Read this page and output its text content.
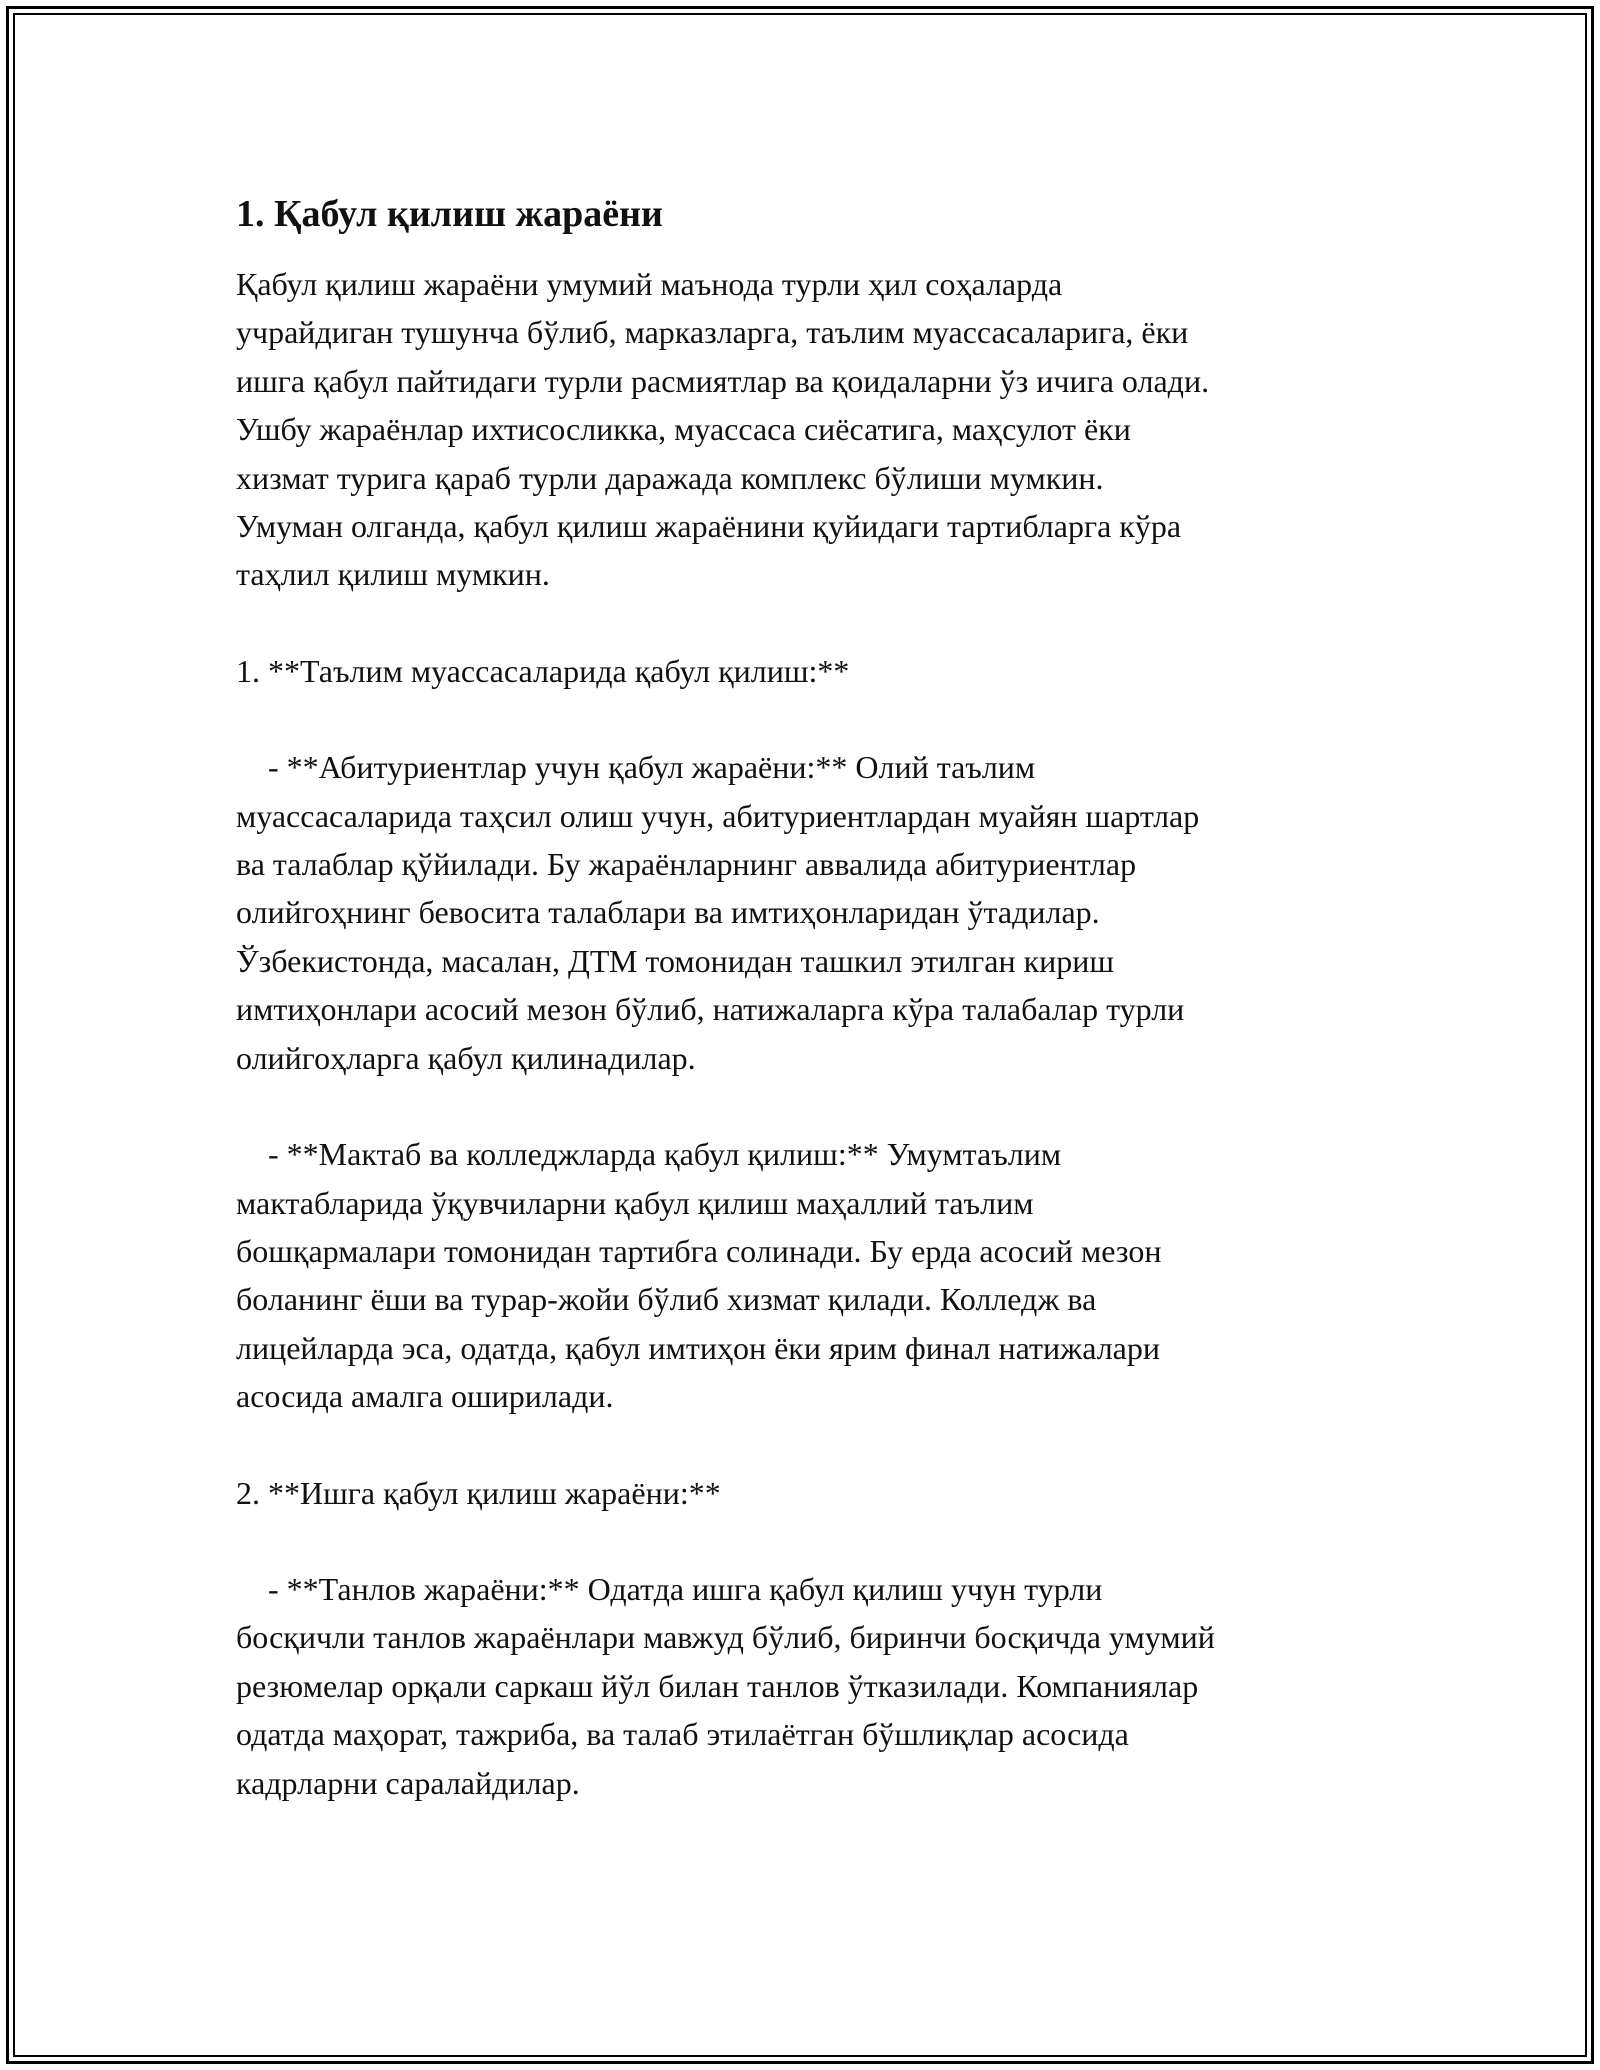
1. Қабул қилиш жараёни

Қабул қилиш жараёни умумий маънода турли ҳил соҳаларда
учрайдиган тушунча бўлиб, марказларга, таълим муассасаларига, ёки
ишга қабул пайтидаги турли расмиятлар ва қоидаларни ўз ичига олади.
Ушбу жараёнлар ихтисосликка, муассаса сиёсатига, маҳсулот ёки
хизмат турига қараб турли даражада комплекс бўлиши мумкин.
Умуман олганда, қабул қилиш жараёнини қуйидаги тартибларга кўра
таҳлил қилиш мумкин.

1. **Таълим муассасаларида қабул қилиш:**

- **Абитуриентлар учун қабул жараёни:** Олий таълим
муассасаларида таҳсил олиш учун, абитуриентлардан муайян шартлар
ва талаблар қўйилади. Бу жараёнларнинг аввалида абитуриентлар
олийгоҳнинг бевосита талаблари ва имтиҳонларидан ўтадилар.
Ўзбекистонда, масалан, ДТМ томонидан ташкил этилган кириш
имтиҳонлари асосий мезон бўлиб, натижаларга кўра талабалар турли
олийгоҳларга қабул қилинадилар.

- **Мактаб ва колледжларда қабул қилиш:** Умумтаълим
мактабларида ўқувчиларни қабул қилиш маҳаллий таълим
бошқармалари томонидан тартибга солинади. Бу ерда асосий мезон
боланинг ёши ва турар-жойи бўлиб хизмат қилади. Колледж ва
лицейларда эса, одатда, қабул имтиҳон ёки ярим финал натижалари
асосида амалга оширилади.

2. **Ишга қабул қилиш жараёни:**

- **Танлов жараёни:** Одатда ишга қабул қилиш учун турли
босқичли танлов жараёнлари мавжуд бўлиб, биринчи босқичда умумий
резюмелар орқали саркаш йўл билан танлов ўтказилади. Компаниялар
одатда маҳорат, тажриба, ва талаб этилаётган бўшлиқлар асосида
кадрларни саралайдилар.
